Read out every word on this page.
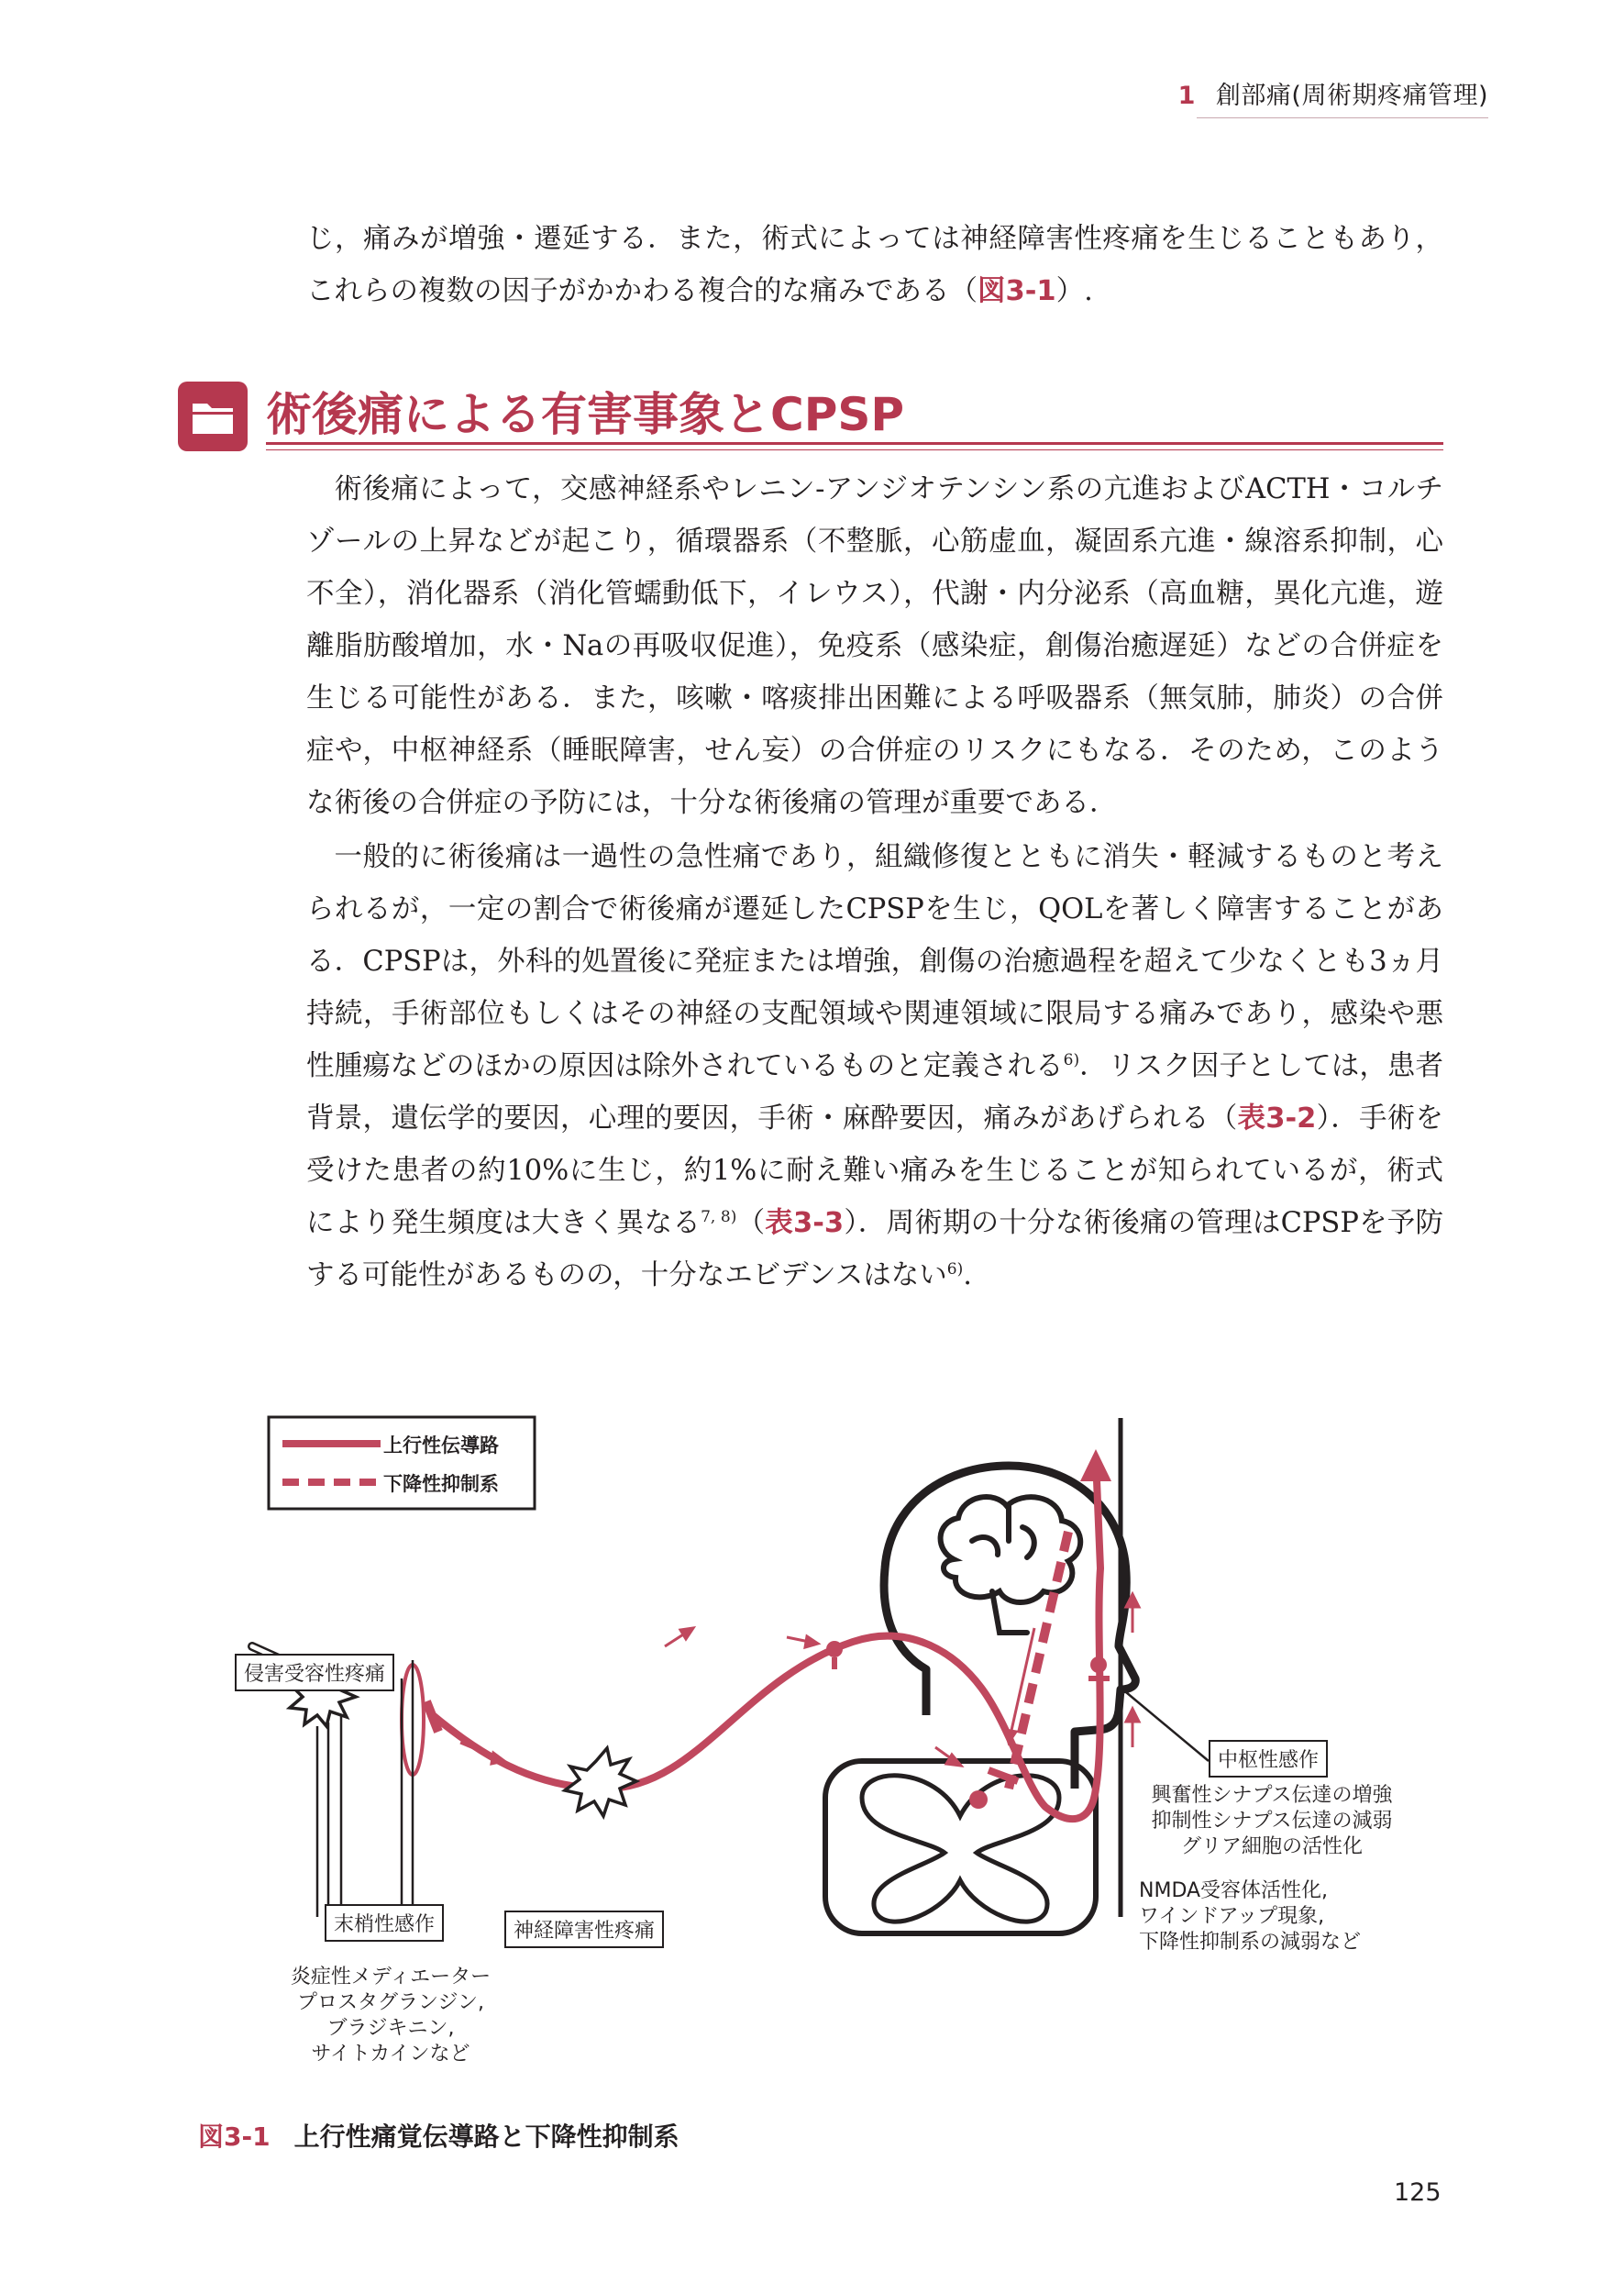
1 創部痛(周術期疼痛管理)

じ，痛みが増強・遷延する．また，術式によっては神経障害性疼痛を生じることもあり，これらの複数の因子がかかわる複合的な痛みである（図3-1）.

術後痛による有害事象とCPSP

術後痛によって，交感神経系やレニン-アンジオテンシン系の亢進およびACTH・コルチゾールの上昇などが起こり，循環器系（不整脈，心筋虚血，凝固系亢進・線溶系抑制，心不全），消化器系（消化管蠕動低下，イレウス），代謝・内分泌系（高血糖，異化亢進，遊離脂肪酸増加，水・Naの再吸収促進），免疫系（感染症，創傷治癒遅延）などの合併症を生じる可能性がある．また，咳嗽・喀痰排出困難による呼吸器系（無気肺，肺炎）の合併症や，中枢神経系（睡眠障害，せん妄）の合併症のリスクにもなる．そのため，このような術後の合併症の予防には，十分な術後痛の管理が重要である．

一般的に術後痛は一過性の急性痛であり，組織修復とともに消失・軽減するものと考えられるが，一定の割合で術後痛が遷延したCPSPを生じ，QOLを著しく障害することがある．CPSPは，外科的処置後に発症または増強，創傷の治癒過程を超えて少なくとも3ヵ月持続，手術部位もしくはその神経の支配領域や関連領域に限局する痛みであり，感染や悪性腫瘍などのほかの原因は除外されているものと定義される$^{6)}$．リスク因子としては，患者背景，遺伝学的要因，心理的要因，手術・麻酔要因，痛みがあげられる（表3-2）．手術を受けた患者の約10%に生じ，約1%に耐え難い痛みを生じることが知られているが，術式により発生頻度は大きく異なる$^{7, 8)}$（表3-3）．周術期の十分な術後痛の管理はCPSPを予防する可能性があるものの，十分なエビデンスはない$^{6)}$.

上行性伝導路
下降性抑制系
侵害受容性疼痛
末梢性感作	神経障害性疼痛
炎症性メディエーター
プロスタグランジン,
ブラジキニン,
サイトカインなど
中枢性感作
興奮性シナプス伝達の増強
抑制性シナプス伝達の減弱
グリア細胞の活性化
NMDA受容体活性化,
ワインドアップ現象,
下降性抑制系の減弱など
図3-1 上行性痛覚伝導路と下降性抑制系
125
